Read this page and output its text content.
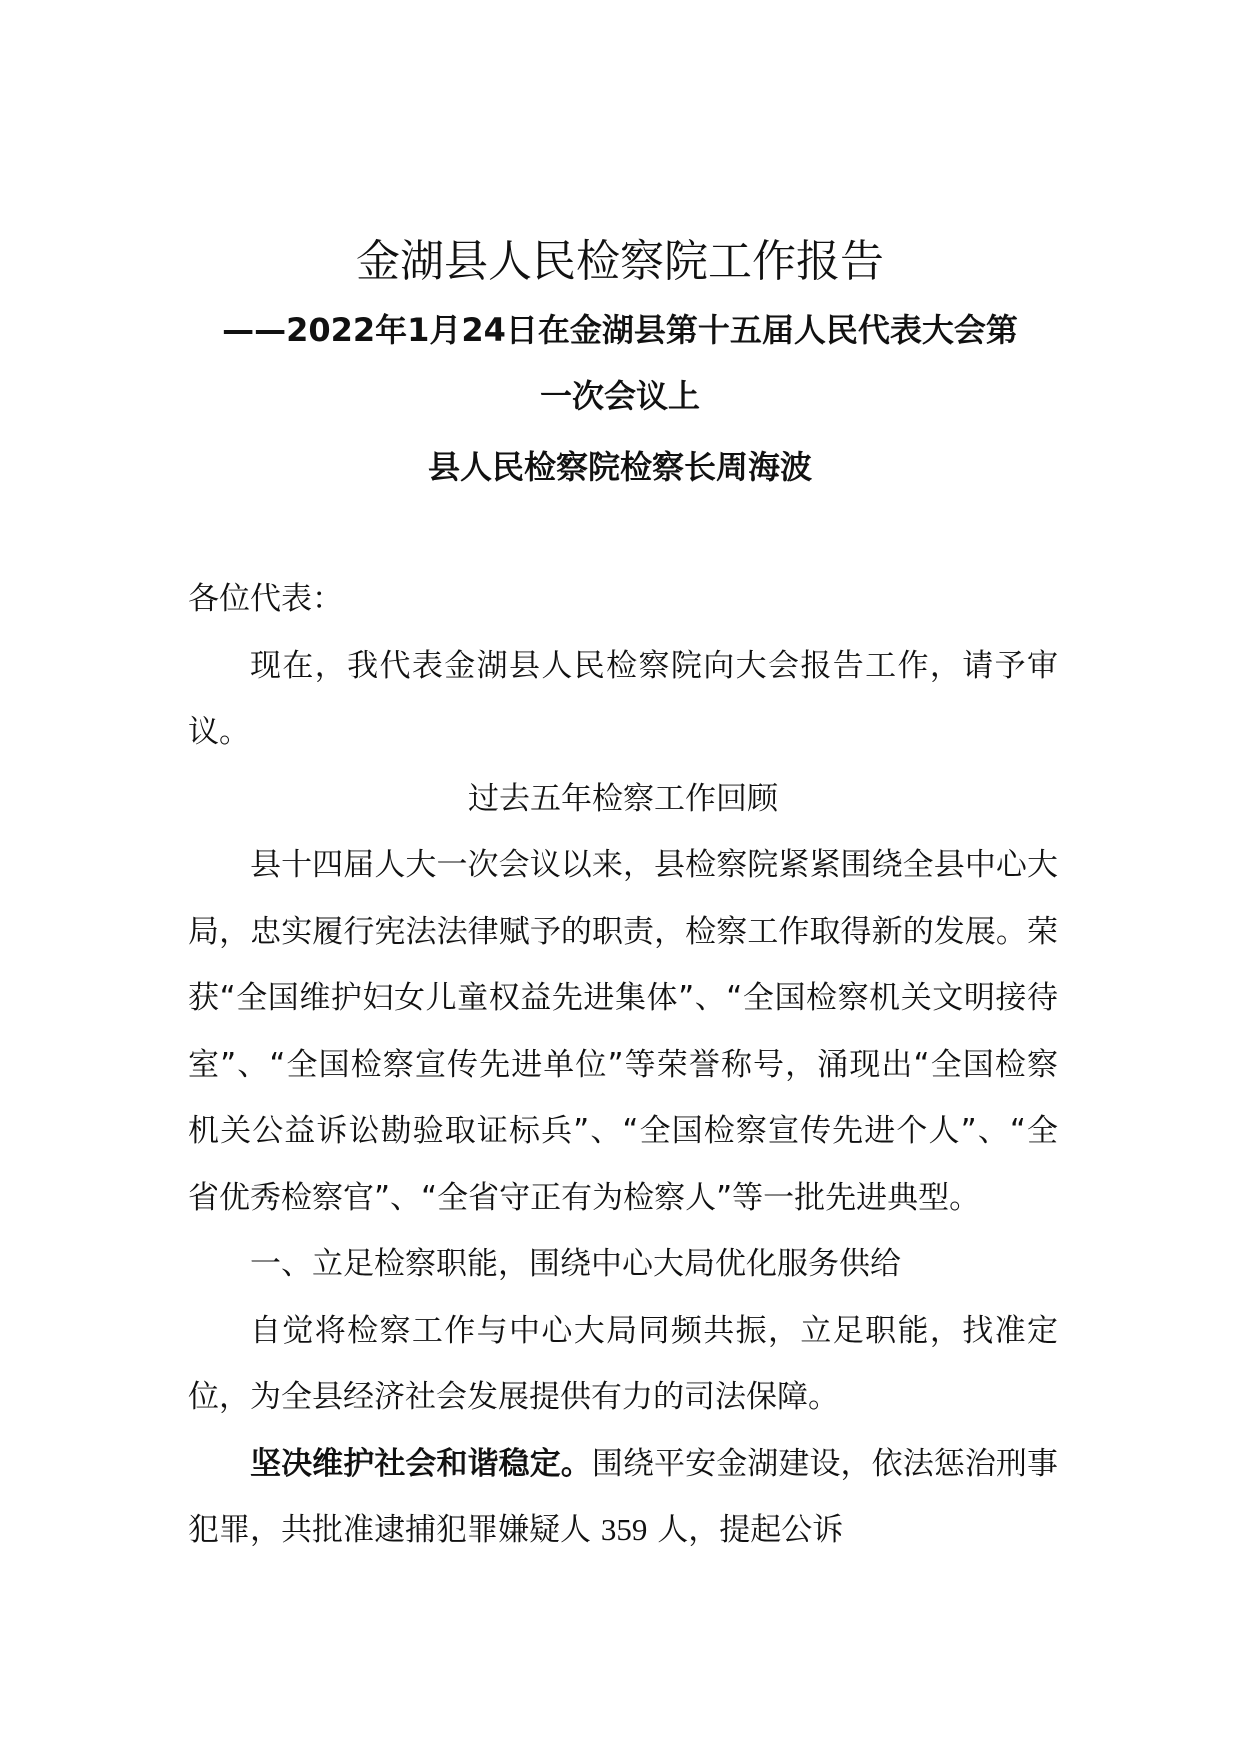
金湖县人民检察院工作报告
——2022年1月24日在金湖县第十五届人民代表大会第
一次会议上
县人民检察院检察长周海波

各位代表：

现在，我代表金湖县人民检察院向大会报告工作，请予审议。

过去五年检察工作回顾

县十四届人大一次会议以来，县检察院紧紧围绕全县中心大局，忠实履行宪法法律赋予的职责，检察工作取得新的发展。荣获“全国维护妇女儿童权益先进集体”、“全国检察机关文明接待室”、“全国检察宣传先进单位”等荣誉称号，涌现出“全国检察机关公益诉讼勘验取证标兵”、“全国检察宣传先进个人”、“全省优秀检察官”、“全省守正有为检察人”等一批先进典型。

一、立足检察职能，围绕中心大局优化服务供给

自觉将检察工作与中心大局同频共振，立足职能，找准定位，为全县经济社会发展提供有力的司法保障。

坚决维护社会和谐稳定。围绕平安金湖建设，依法惩治刑事犯罪，共批准逮捕犯罪嫌疑人 359 人，提起公诉
